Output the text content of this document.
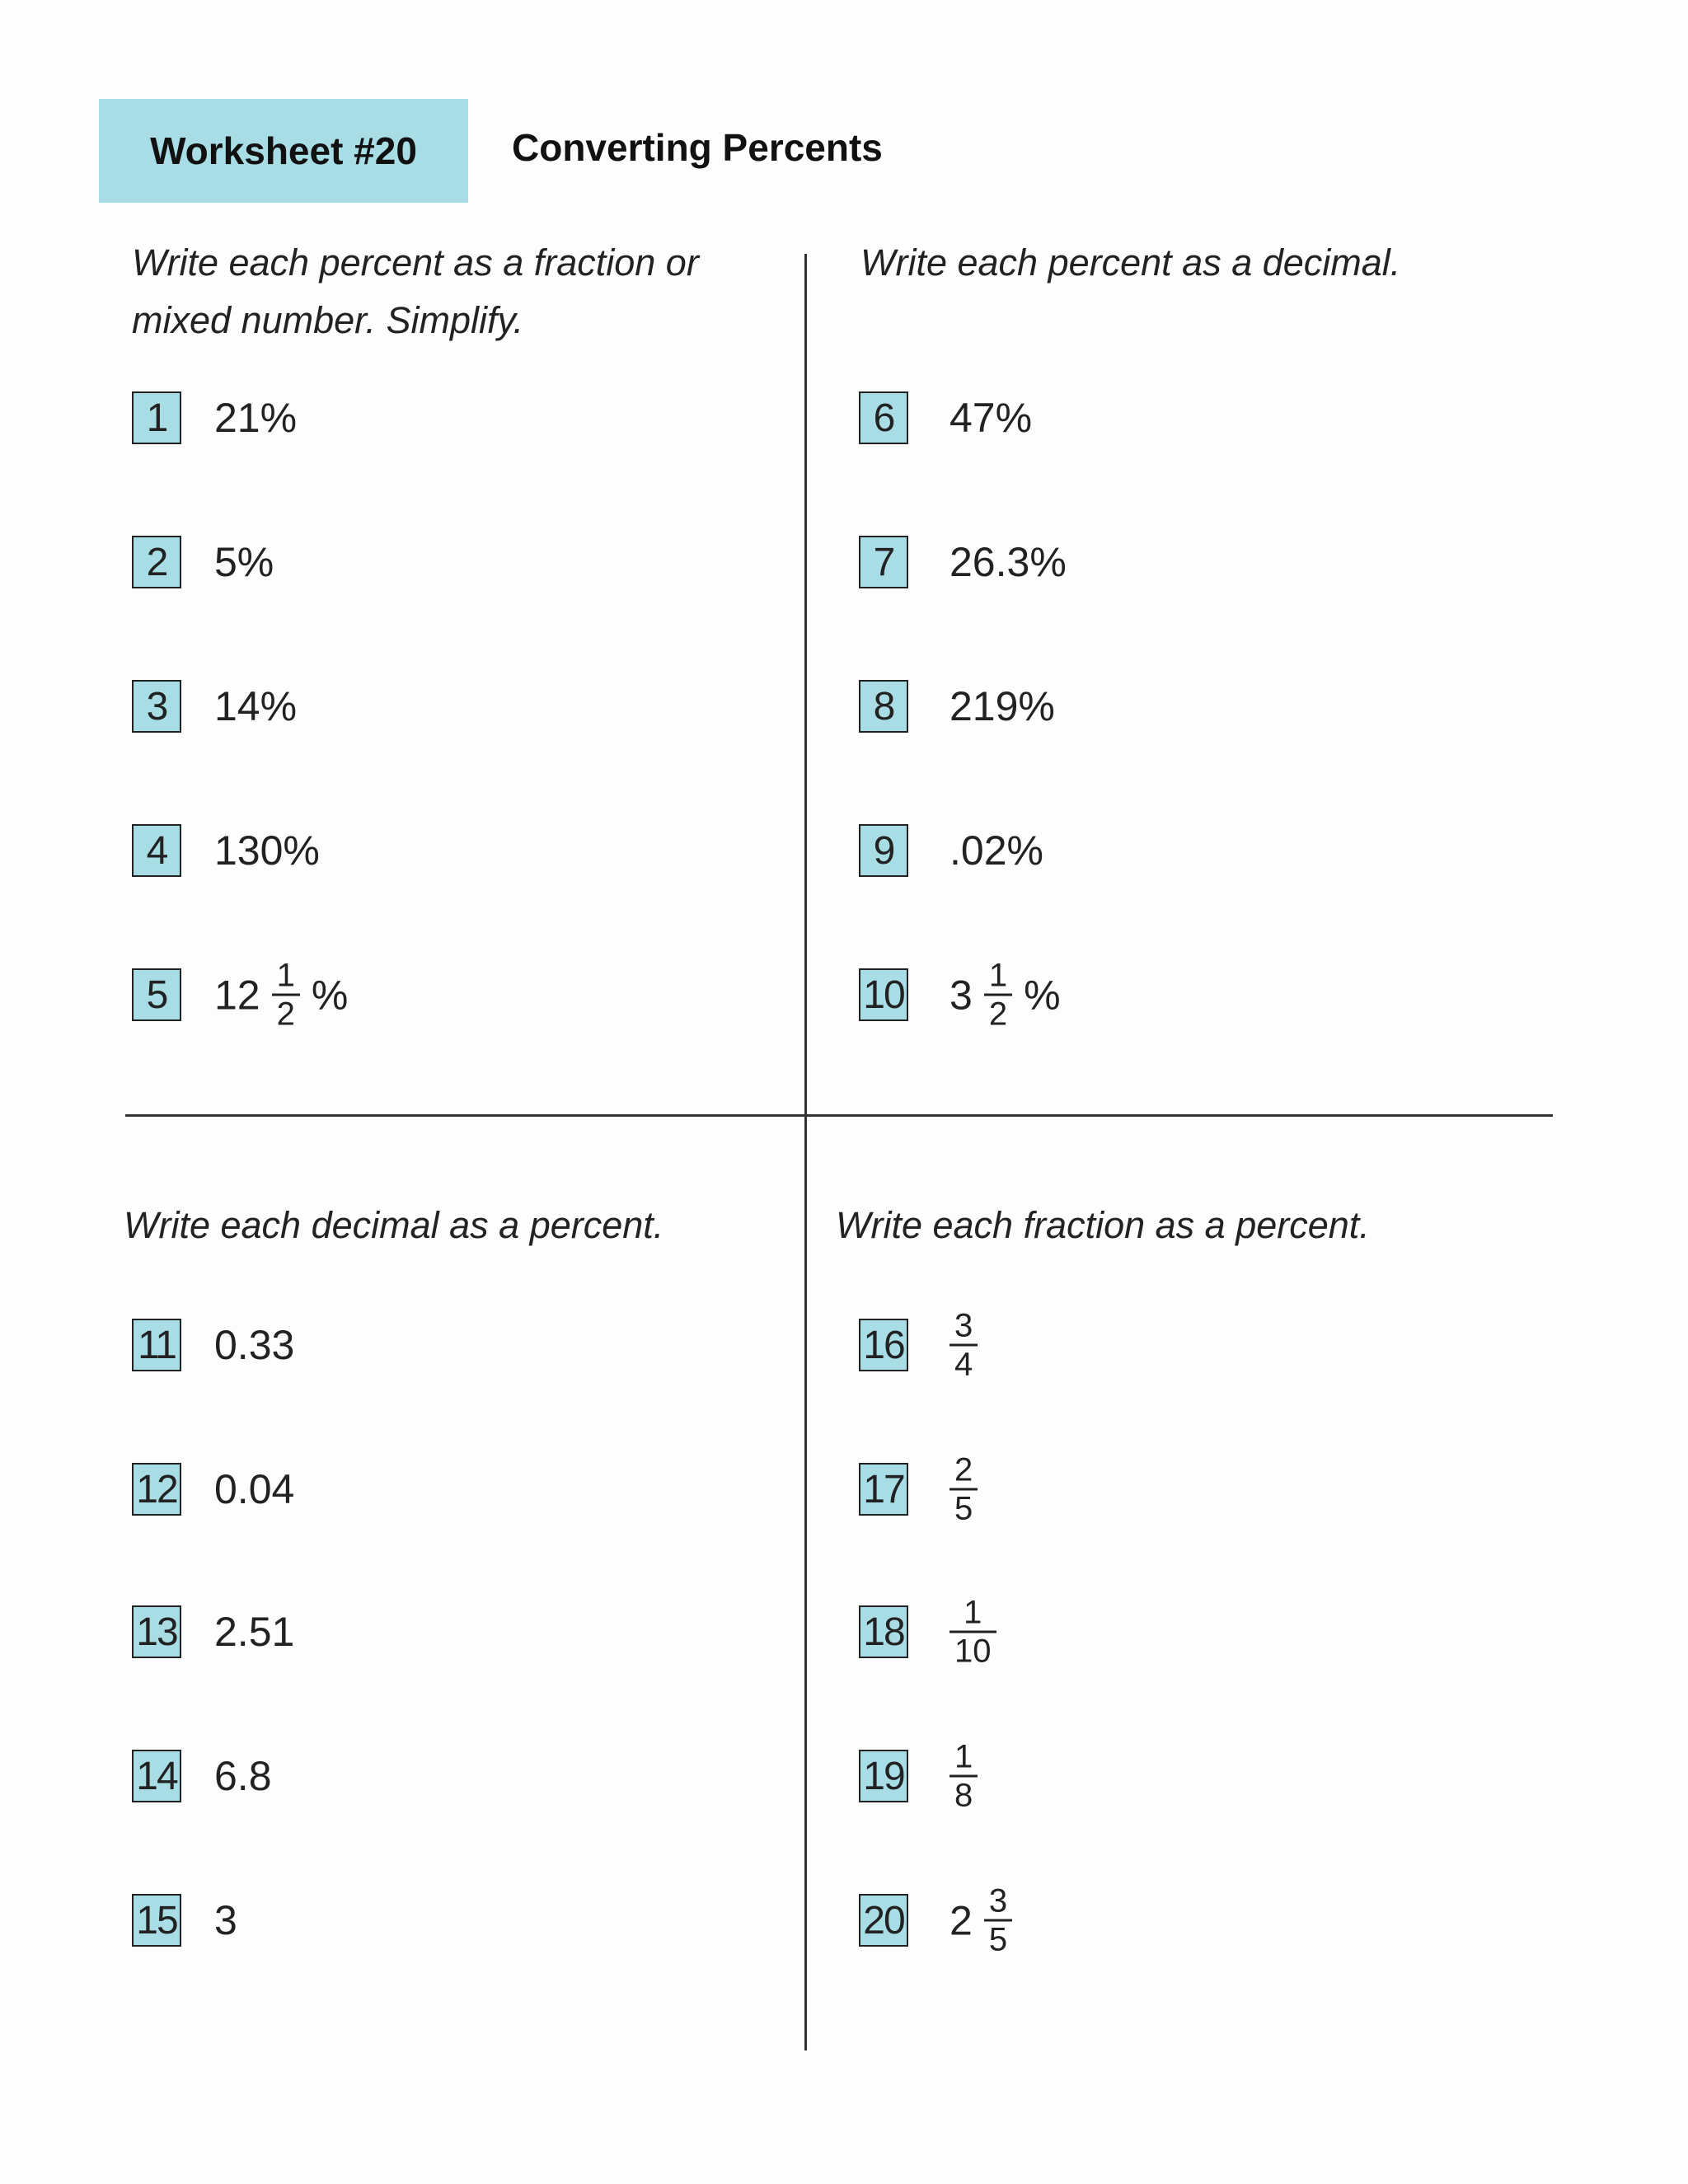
Worksheet #20	Converting Percents
Write each percent as a fraction or
mixed number. Simplify.
1	21%
2	5%
3	14%
4	130%
5	$12 \frac{1}{2}$ %
Write each percent as a decimal.
6	47%
7	26.3%
8	219%
9	.02%
10 $3 \frac{1}{2}$ %
Write each decimal as a percent.
11 0.33
12 0.04
13 2.51
14 6.8
15 3
Write each fraction as a percent.
$16 \frac{3}{4}$
$17 \frac{2}{5}$
$18 \frac{1}{10}$
$19 \frac{1}{8}$
20 $2 \frac{3}{5}$
